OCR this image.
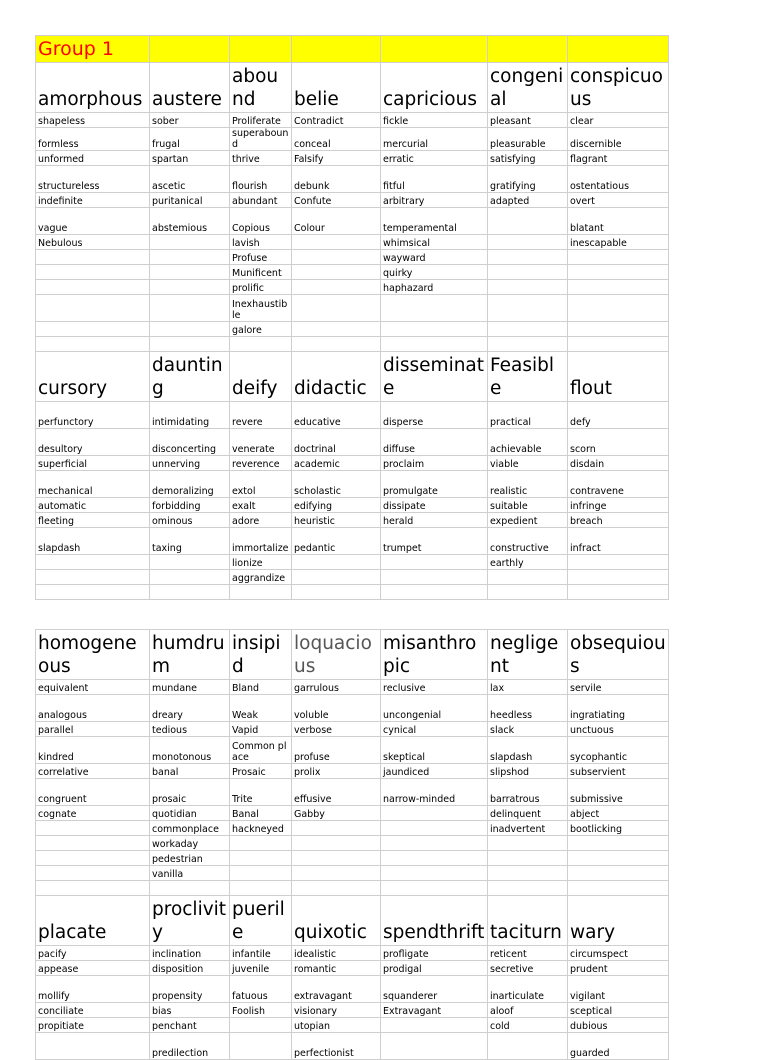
Group 1						
amorphous	austere	abound	belie	capricious	congenial	conspicuous
shapeless	sober	Proliferate	Contradict	fickle	pleasant	clear
formless	frugal	superabound	conceal	mercurial	pleasurable	discernible
unformed	spartan	thrive	Falsify	erratic	satisfying	flagrant
structureless	ascetic	flourish	debunk	fitful	gratifying	ostentatious
indefinite	puritanical	abundant	Confute	arbitrary	adapted	overt
vague	abstemious	Copious	Colour	temperamental		blatant
Nebulous		lavish		whimsical		inescapable
		Profuse		wayward		
		Munificent		quirky		
		prolific		haphazard		
		Inexhaustible				
		galore				

cursory	daunting	deify	didactic	disseminate	Feasible	flout
perfunctory	intimidating	revere	educative	disperse	practical	defy
desultory	disconcerting	venerate	doctrinal	diffuse	achievable	scorn
superficial	unnerving	reverence	academic	proclaim	viable	disdain
mechanical	demoralizing	extol	scholastic	promulgate	realistic	contravene
automatic	forbidding	exalt	edifying	dissipate	suitable	infringe
fleeting	ominous	adore	heuristic	herald	expedient	breach
slapdash	taxing	immortalize	pedantic	trumpet	constructive	infract
		lionize			earthly	
		aggrandize				

homogeneous	humdrum	insipid	loquacious	misanthropic	negligent	obsequious
equivalent	mundane	Bland	garrulous	reclusive	lax	servile
analogous	dreary	Weak	voluble	uncongenial	heedless	ingratiating
parallel	tedious	Vapid	verbose	cynical	slack	unctuous
kindred	monotonous	Common place	profuse	skeptical	slapdash	sycophantic
correlative	banal	Prosaic	prolix	jaundiced	slipshod	subservient
congruent	prosaic	Trite	effusive	narrow-minded	barratrous	submissive
cognate	quotidian	Banal	Gabby		delinquent	abject
	commonplace	hackneyed			inadvertent	bootlicking
	workaday					
	pedestrian					
	vanilla					

placate	proclivity	puerile	quixotic	spendthrift	taciturn	wary
pacify	inclination	infantile	idealistic	profligate	reticent	circumspect
appease	disposition	juvenile	romantic	prodigal	secretive	prudent
mollify	propensity	fatuous	extravagant	squanderer	inarticulate	vigilant
conciliate	bias	Foolish	visionary	Extravagant	aloof	sceptical
propitiate	penchant		utopian		cold	dubious
	predilection		perfectionist			guarded
